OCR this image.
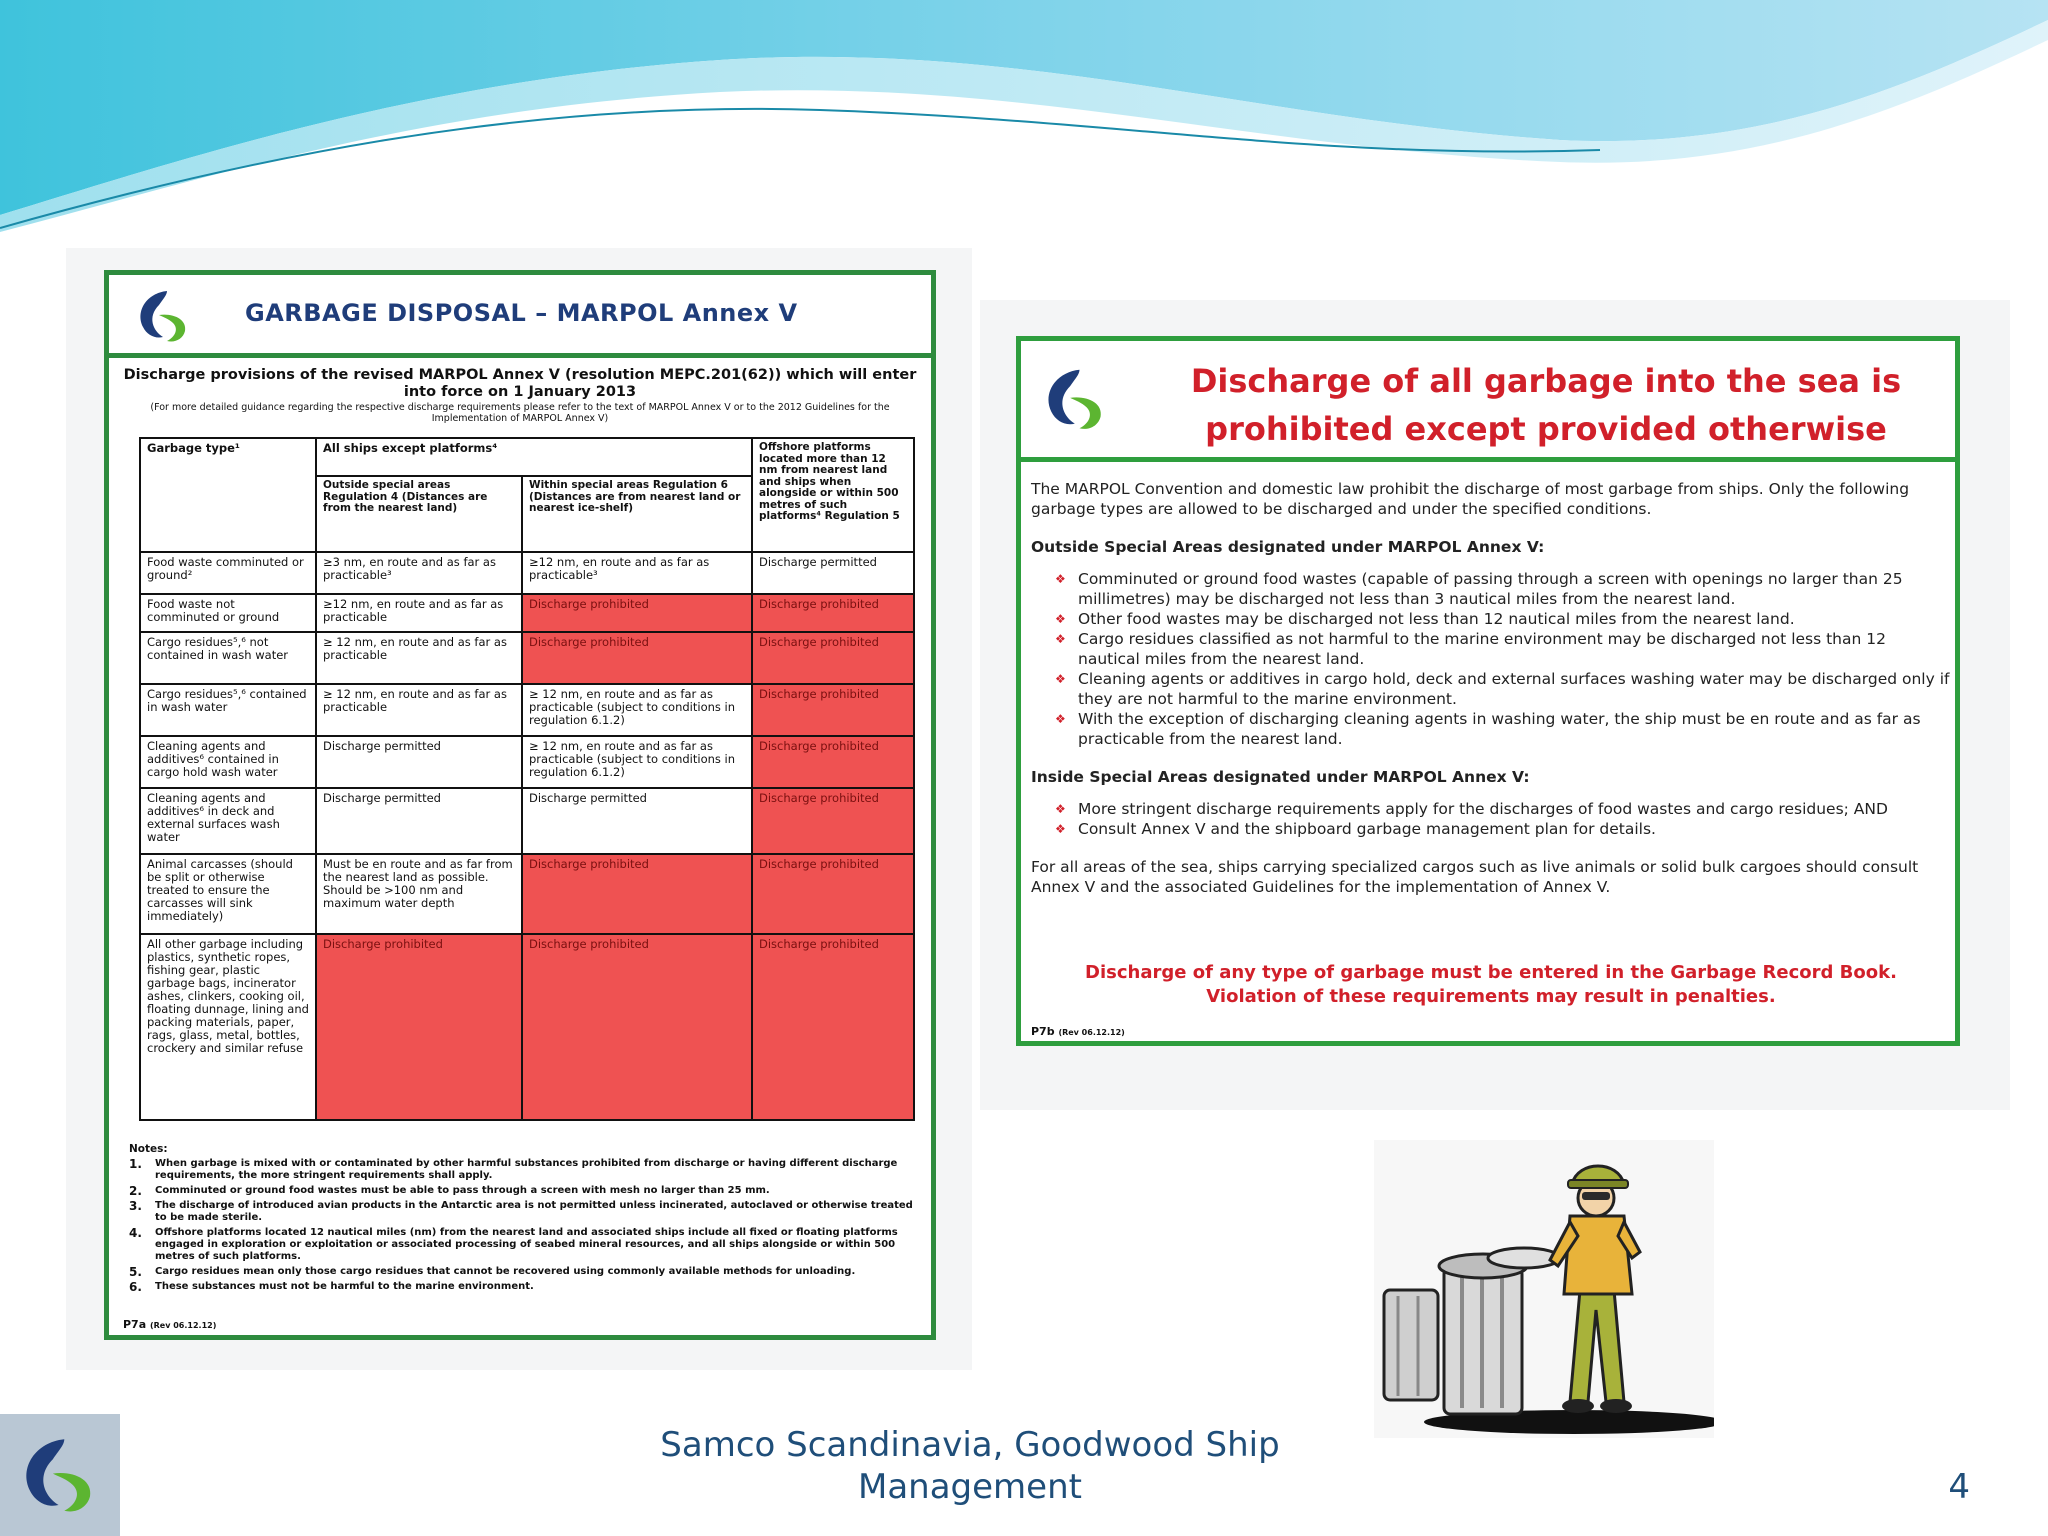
GARBAGE DISPOSAL – MARPOL Annex V
Discharge provisions of the revised MARPOL Annex V (resolution MEPC.201(62)) which will enter into force on 1 January 2013
(For more detailed guidance regarding the respective discharge requirements please refer to the text of MARPOL Annex V or to the 2012 Guidelines for the Implementation of MARPOL Annex V)
Garbage type¹	All ships except platforms⁴		Offshore platforms located more than 12 nm from nearest land and ships when alongside or within 500 metres of such platforms⁴ Regulation 5
	Outside special areas Regulation 4 (Distances are from the nearest land)	Within special areas Regulation 6 (Distances are from nearest land or nearest ice-shelf)	
Food waste comminuted or ground²	≥3 nm, en route and as far as practicable³	≥12 nm, en route and as far as practicable³	Discharge permitted
Food waste not comminuted or ground	≥12 nm, en route and as far as practicable	Discharge prohibited	Discharge prohibited
Cargo residues⁵,⁶ not contained in wash water	≥ 12 nm, en route and as far as practicable	Discharge prohibited	Discharge prohibited
Cargo residues⁵,⁶ contained in wash water	≥ 12 nm, en route and as far as practicable	≥ 12 nm, en route and as far as practicable (subject to conditions in regulation 6.1.2)	Discharge prohibited
Cleaning agents and additives⁶ contained in cargo hold wash water	Discharge permitted	≥ 12 nm, en route and as far as practicable (subject to conditions in regulation 6.1.2)	Discharge prohibited
Cleaning agents and additives⁶ in deck and external surfaces wash water	Discharge permitted	Discharge permitted	Discharge prohibited
Animal carcasses (should be split or otherwise treated to ensure the carcasses will sink immediately)	Must be en route and as far from the nearest land as possible. Should be >100 nm and maximum water depth	Discharge prohibited	Discharge prohibited
All other garbage including plastics, synthetic ropes, fishing gear, plastic garbage bags, incinerator ashes, clinkers, cooking oil, floating dunnage, lining and packing materials, paper, rags, glass, metal, bottles, crockery and similar refuse	Discharge prohibited	Discharge prohibited	Discharge prohibited
Notes:
1.	When garbage is mixed with or contaminated by other harmful substances prohibited from discharge or having different discharge requirements, the more stringent requirements shall apply.
2.	Comminuted or ground food wastes must be able to pass through a screen with mesh no larger than 25 mm.
3.	The discharge of introduced avian products in the Antarctic area is not permitted unless incinerated, autoclaved or otherwise treated to be made sterile.
4.	Offshore platforms located 12 nautical miles (nm) from the nearest land and associated ships include all fixed or floating platforms engaged in exploration or exploitation or associated processing of seabed mineral resources, and all ships alongside or within 500 metres of such platforms.
5.	Cargo residues mean only those cargo residues that cannot be recovered using commonly available methods for unloading.
6.	These substances must not be harmful to the marine environment.
P7a (Rev 06.12.12)
Discharge of all garbage into the sea is
prohibited except provided otherwise

The MARPOL Convention and domestic law prohibit the discharge of most garbage from ships. Only the following garbage types are allowed to be discharged and under the specified conditions.

Outside Special Areas designated under MARPOL Annex V:

❖ Comminuted or ground food wastes (capable of passing through a screen with openings no larger than 25 millimetres) may be discharged not less than 3 nautical miles from the nearest land.
❖ Other food wastes may be discharged not less than 12 nautical miles from the nearest land.
❖ Cargo residues classified as not harmful to the marine environment may be discharged not less than 12 nautical miles from the nearest land.
❖ Cleaning agents or additives in cargo hold, deck and external surfaces washing water may be discharged only if they are not harmful to the marine environment.
❖ With the exception of discharging cleaning agents in washing water, the ship must be en route and as far as practicable from the nearest land.

Inside Special Areas designated under MARPOL Annex V:

❖ More stringent discharge requirements apply for the discharges of food wastes and cargo residues; AND
❖ Consult Annex V and the shipboard garbage management plan for details.

For all areas of the sea, ships carrying specialized cargos such as live animals or solid bulk cargoes should consult Annex V and the associated Guidelines for the implementation of Annex V.

Discharge of any type of garbage must be entered in the Garbage Record Book.
Violation of these requirements may result in penalties.
P7b (Rev 06.12.12)
Samco Scandinavia, Goodwood Ship
Management	4
